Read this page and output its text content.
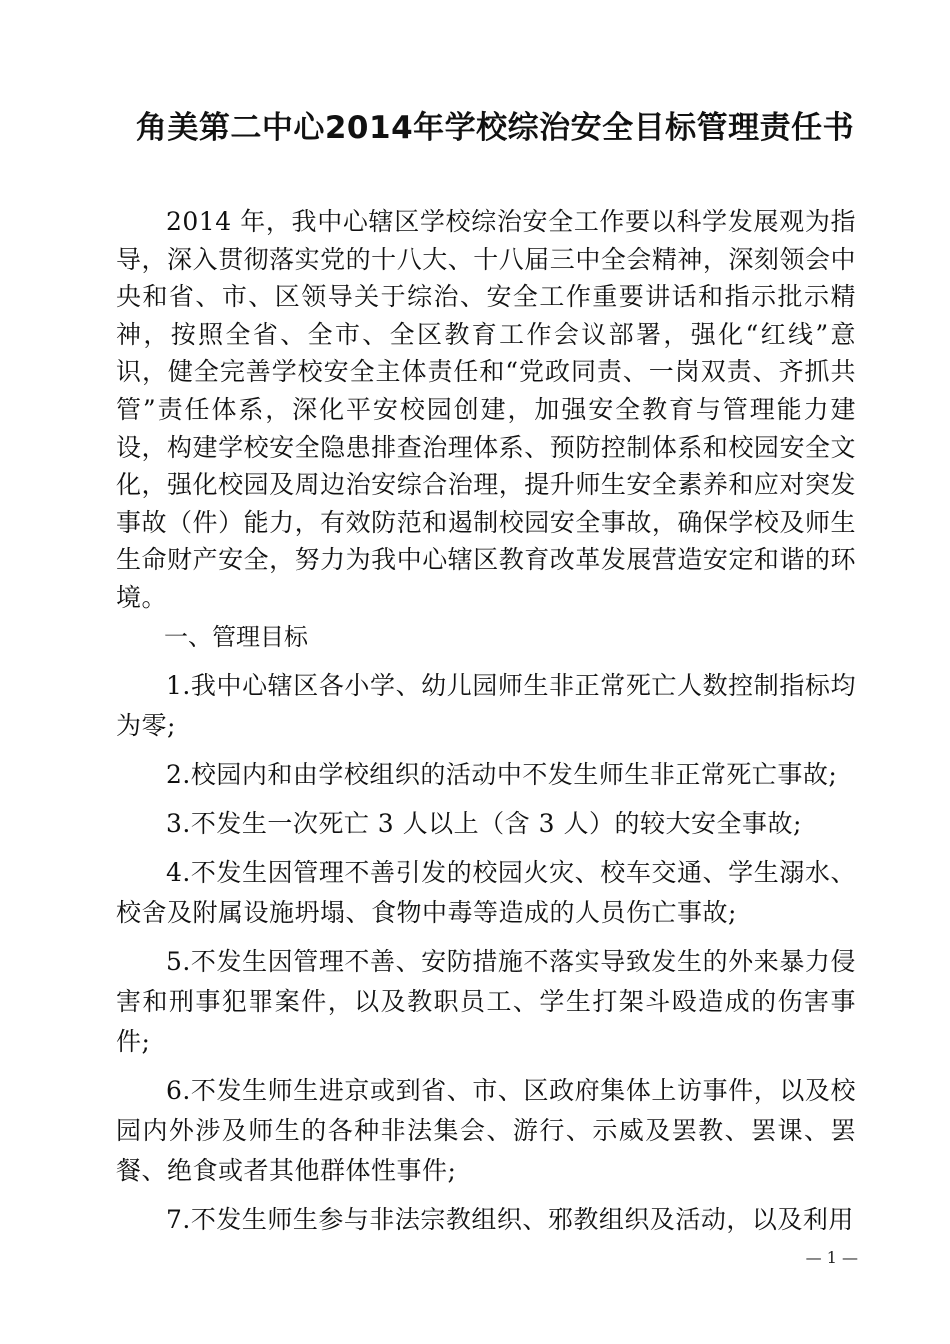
角美第二中心2014年学校综治安全目标管理责任书

2014 年，我中心辖区学校综治安全工作要以科学发展观为指导，深入贯彻落实党的十八大、十八届三中全会精神，深刻领会中央和省、市、区领导关于综治、安全工作重要讲话和指示批示精神，按照全省、全市、全区教育工作会议部署，强化“红线”意识，健全完善学校安全主体责任和“党政同责、一岗双责、齐抓共管”责任体系，深化平安校园创建，加强安全教育与管理能力建设，构建学校安全隐患排查治理体系、预防控制体系和校园安全文化，强化校园及周边治安综合治理，提升师生安全素养和应对突发事故（件）能力，有效防范和遏制校园安全事故，确保学校及师生生命财产安全，努力为我中心辖区教育改革发展营造安定和谐的环境。

一、管理目标

1.我中心辖区各小学、幼儿园师生非正常死亡人数控制指标均为零;

2.校园内和由学校组织的活动中不发生师生非正常死亡事故;

3.不发生一次死亡 3 人以上（含 3 人）的较大安全事故;

4.不发生因管理不善引发的校园火灾、校车交通、学生溺水、校舍及附属设施坍塌、食物中毒等造成的人员伤亡事故;

5.不发生因管理不善、安防措施不落实导致发生的外来暴力侵害和刑事犯罪案件，以及教职员工、学生打架斗殴造成的伤害事件;

6.不发生师生进京或到省、市、区政府集体上访事件，以及校园内外涉及师生的各种非法集会、游行、示威及罢教、罢课、罢餐、绝食或者其他群体性事件;

7.不发生师生参与非法宗教组织、邪教组织及活动，以及利用

— 1 —
